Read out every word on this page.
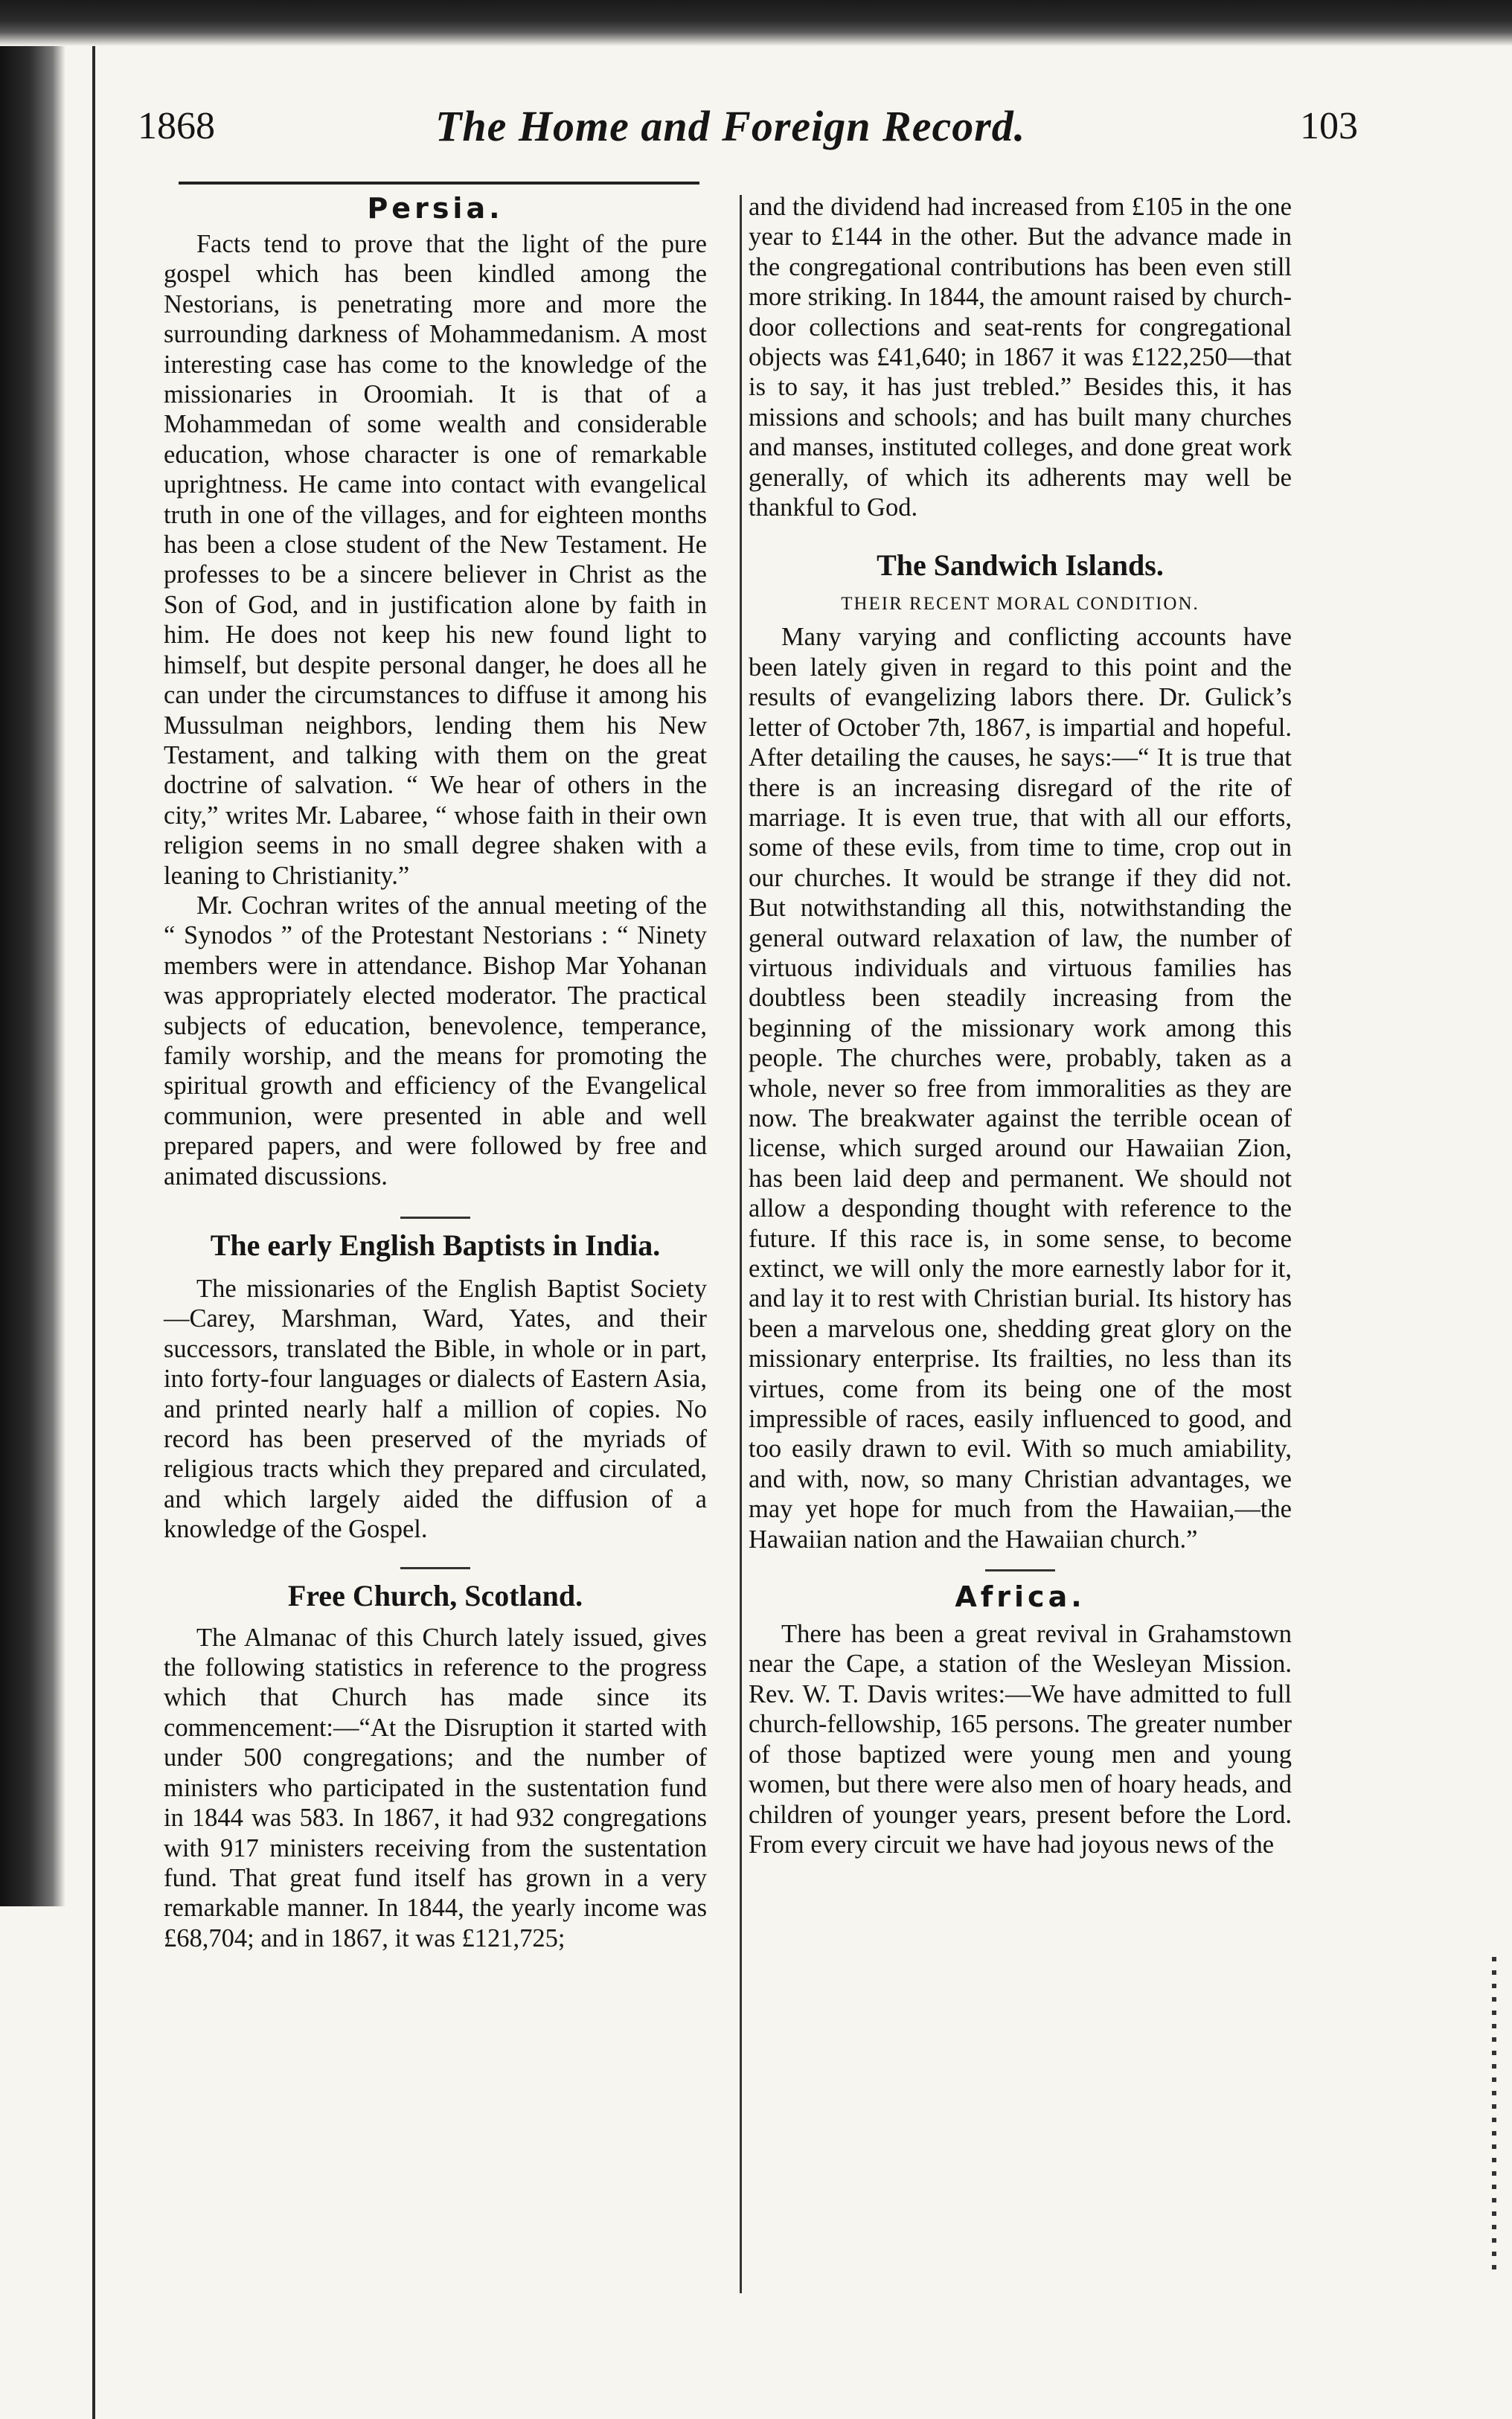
1868	The Home and Foreign Record.	103
Persia.

Facts tend to prove that the light of the pure gospel which has been kindled among the Nestorians, is penetrating more and more the surrounding darkness of Mohammedanism. A most interesting case has come to the knowledge of the missionaries in Oroomiah. It is that of a Mohammedan of some wealth and considerable education, whose character is one of remarkable uprightness. He came into contact with evangelical truth in one of the villages, and for eighteen months has been a close student of the New Testament. He professes to be a sincere believer in Christ as the Son of God, and in justification alone by faith in him. He does not keep his new found light to himself, but despite personal danger, he does all he can under the circumstances to diffuse it among his Mussulman neighbors, lending them his New Testament, and talking with them on the great doctrine of salvation. “ We hear of others in the city,” writes Mr. Labaree, “ whose faith in their own religion seems in no small degree shaken with a leaning to Christianity.”

Mr. Cochran writes of the annual meeting of the “ Synodos ” of the Protestant Nestorians : “ Ninety members were in attendance. Bishop Mar Yohanan was appropriately elected moderator. The practical subjects of education, benevolence, temperance, family worship, and the means for promoting the spiritual growth and efficiency of the Evangelical communion, were presented in able and well prepared papers, and were followed by free and animated discussions.

The early English Baptists in India.

The missionaries of the English Baptist Society—Carey, Marshman, Ward, Yates, and their successors, translated the Bible, in whole or in part, into forty-four languages or dialects of Eastern Asia, and printed nearly half a million of copies. No record has been preserved of the myriads of religious tracts which they prepared and circulated, and which largely aided the diffusion of a knowledge of the Gospel.

Free Church, Scotland.

The Almanac of this Church lately issued, gives the following statistics in reference to the progress which that Church has made since its commencement:—“At the Disruption it started with under 500 congregations; and the number of ministers who participated in the sustentation fund in 1844 was 583. In 1867, it had 932 congregations with 917 ministers receiving from the sustentation fund. That great fund itself has grown in a very remarkable manner. In 1844, the yearly income was £68,704; and in 1867, it was £121,725;

and the dividend had increased from £105 in the one year to £144 in the other. But the advance made in the congregational contributions has been even still more striking. In 1844, the amount raised by church-door collections and seat-rents for congregational objects was £41,640; in 1867 it was £122,250—that is to say, it has just trebled.” Besides this, it has missions and schools; and has built many churches and manses, instituted colleges, and done great work generally, of which its adherents may well be thankful to God.

The Sandwich Islands.
THEIR RECENT MORAL CONDITION.

Many varying and conflicting accounts have been lately given in regard to this point and the results of evangelizing labors there. Dr. Gulick’s letter of October 7th, 1867, is impartial and hopeful. After detailing the causes, he says:—“ It is true that there is an increasing disregard of the rite of marriage. It is even true, that with all our efforts, some of these evils, from time to time, crop out in our churches. It would be strange if they did not. But notwithstanding all this, notwithstanding the general outward relaxation of law, the number of virtuous individuals and virtuous families has doubtless been steadily increasing from the beginning of the missionary work among this people. The churches were, probably, taken as a whole, never so free from immoralities as they are now. The breakwater against the terrible ocean of license, which surged around our Hawaiian Zion, has been laid deep and permanent. We should not allow a desponding thought with reference to the future. If this race is, in some sense, to become extinct, we will only the more earnestly labor for it, and lay it to rest with Christian burial. Its history has been a marvelous one, shedding great glory on the missionary enterprise. Its frailties, no less than its virtues, come from its being one of the most impressible of races, easily influenced to good, and too easily drawn to evil. With so much amiability, and with, now, so many Christian advantages, we may yet hope for much from the Hawaiian,—the Hawaiian nation and the Hawaiian church.”

Africa.

There has been a great revival in Grahamstown near the Cape, a station of the Wesleyan Mission. Rev. W. T. Davis writes:—We have admitted to full church-fellowship, 165 persons. The greater number of those baptized were young men and young women, but there were also men of hoary heads, and children of younger years, present before the Lord. From every circuit we have had joyous news of the
